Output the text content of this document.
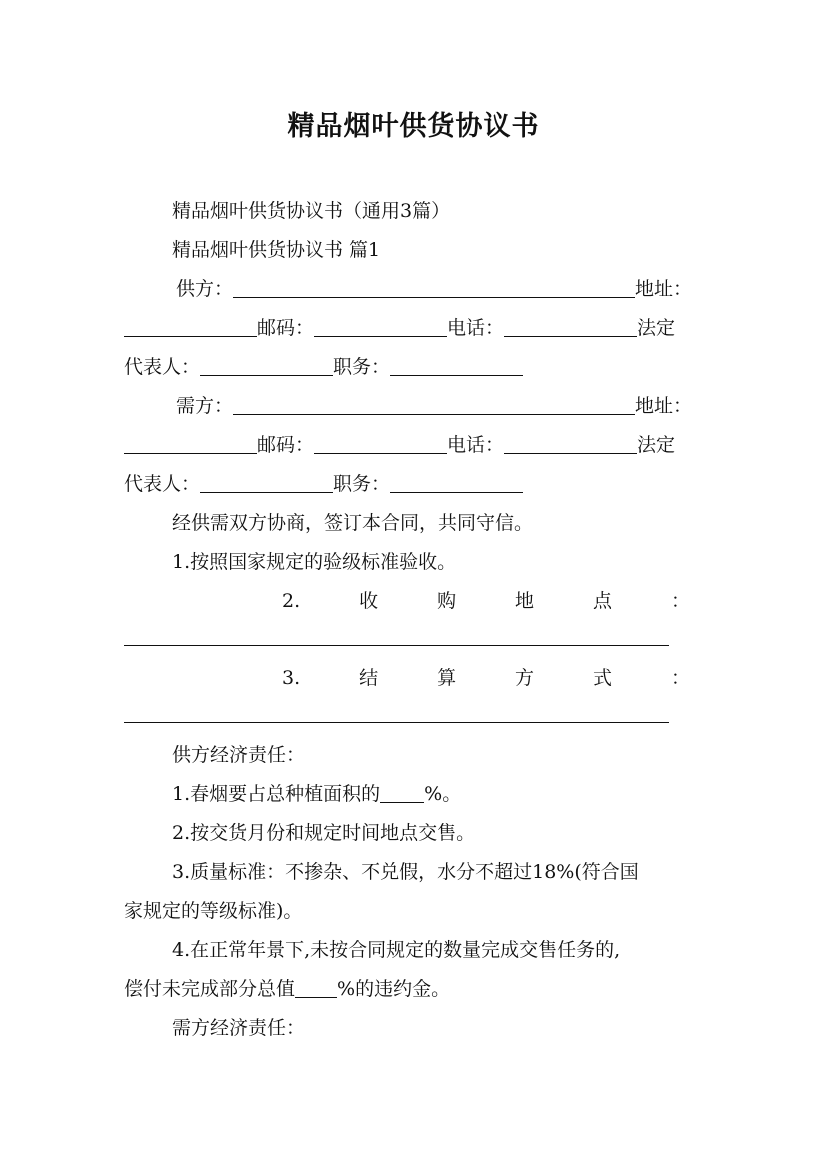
精品烟叶供货协议书
精品烟叶供货协议书（通用3篇）
精品烟叶供货协议书 篇1
供方：	地址：
邮码：	电话：	法定
代表人：	职务：
需方：	地址：
邮码：	电话：	法定
代表人：	职务：
经供需双方协商，签订本合同，共同守信。
1.按照国家规定的验级标准验收。
2.	收	购	地	点	：
3.	结	算	方	式	：
供方经济责任：
1.春烟要占总种植面积的 %。
2.按交货月份和规定时间地点交售。
3.质量标准：不掺杂、不兑假，水分不超过18%(符合国
家规定的等级标准)。
4.在正常年景下,未按合同规定的数量完成交售任务的,
偿付未完成部分总值 %的违约金。
需方经济责任：
